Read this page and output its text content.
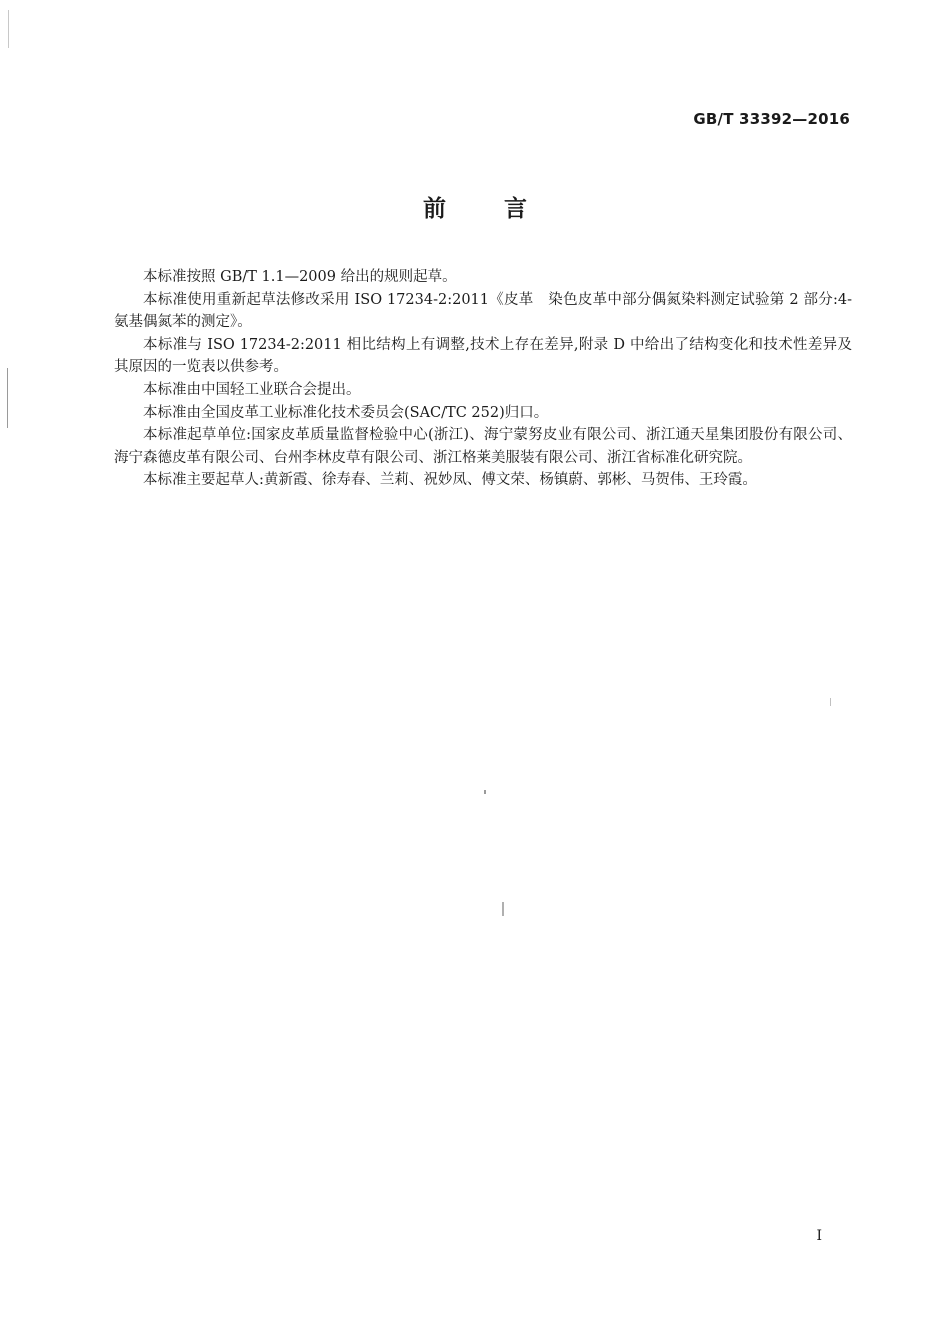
GB/T 33392—2016
前言

本标准按照 GB/T 1.1—2009 给出的规则起草。

本标准使用重新起草法修改采用 ISO 17234-2:2011《皮革　染色皮革中部分偶氮染料测定试验第 2 部分:4-氨基偶氮苯的测定》。

本标准与 ISO 17234-2:2011 相比结构上有调整,技术上存在差异,附录 D 中给出了结构变化和技术性差异及其原因的一览表以供参考。

本标准由中国轻工业联合会提出。

本标准由全国皮革工业标准化技术委员会(SAC/TC 252)归口。

本标准起草单位:国家皮革质量监督检验中心(浙江)、海宁蒙努皮业有限公司、浙江通天星集团股份有限公司、海宁森德皮革有限公司、台州李林皮草有限公司、浙江格莱美服装有限公司、浙江省标准化研究院。

本标准主要起草人:黄新霞、徐寿春、兰莉、祝妙凤、傅文荣、杨镇蔚、郭彬、马贺伟、王玲霞。

I
